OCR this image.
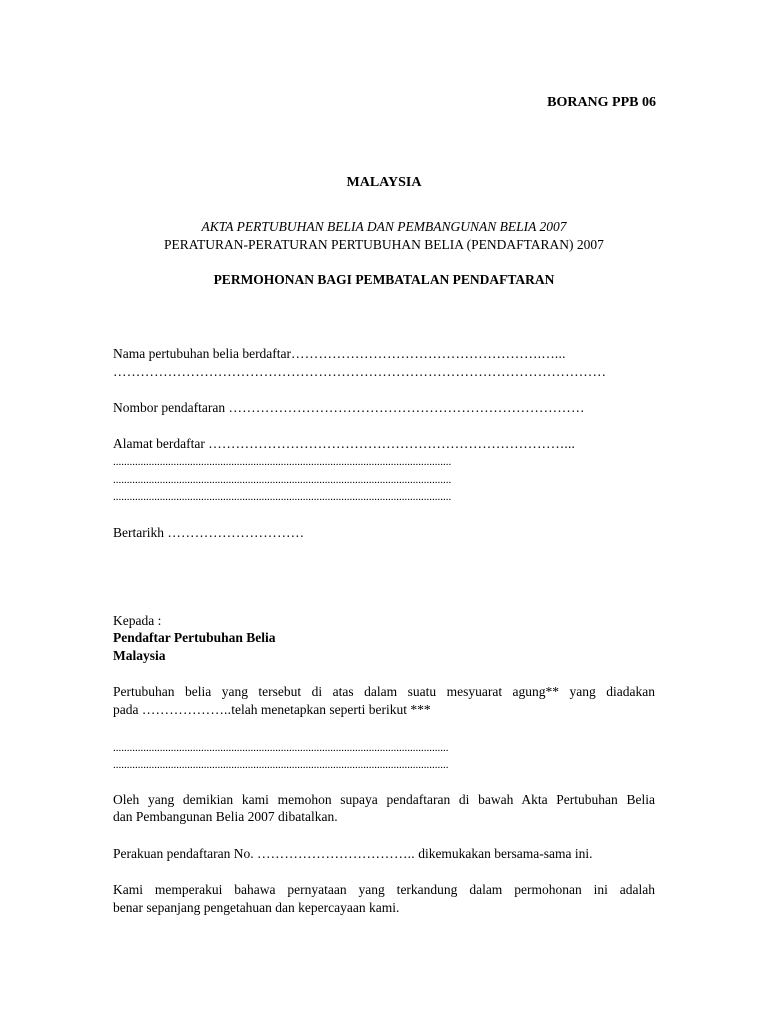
BORANG PPB 06
MALAYSIA
AKTA PERTUBUHAN BELIA DAN PEMBANGUNAN BELIA 2007
PERATURAN-PERATURAN PERTUBUHAN BELIA (PENDAFTARAN) 2007
PERMOHONAN BAGI PEMBATALAN PENDAFTARAN
Nama pertubuhan belia berdaftar……………………………………………….…...
………………………………………………………………………………………………
Nombor pendaftaran ……………………………………………………………………
Alamat berdaftar ……………………………………………………………………...
...........................................................................................................................
...........................................................................................................................
...........................................................................................................................
Bertarikh …………………………
Kepada :
Pendaftar Pertubuhan Belia
Malaysia
Pertubuhan belia yang tersebut di atas dalam suatu mesyuarat agung** yang diadakan
pada ………………..telah menetapkan seperti berikut ***
..........................................................................................................................
..........................................................................................................................
Oleh yang demikian kami memohon supaya pendaftaran di bawah Akta Pertubuhan Belia
dan Pembangunan Belia 2007 dibatalkan.
Perakuan pendaftaran No. …………………………….. dikemukakan bersama-sama ini.
Kami memperakui bahawa pernyataan yang terkandung dalam permohonan ini adalah
benar sepanjang pengetahuan dan kepercayaan kami.
